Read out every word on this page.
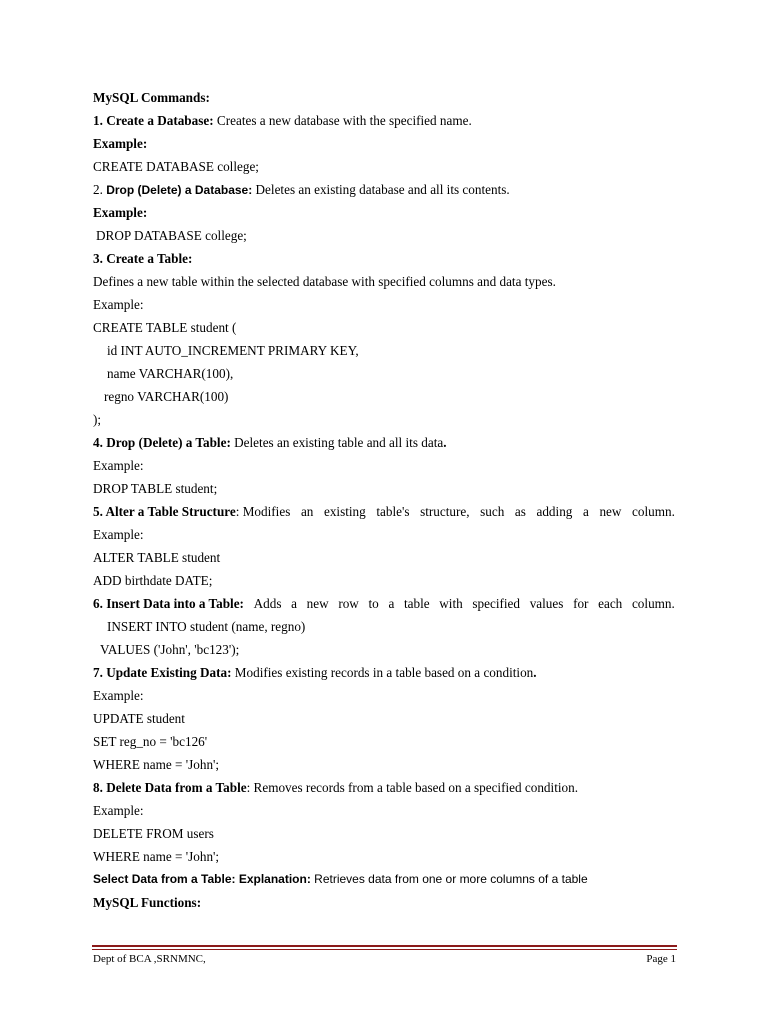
MySQL Commands:
1. Create a Database: Creates a new database with the specified name.
Example:
CREATE DATABASE college;
2. Drop (Delete) a Database: Deletes an existing database and all its contents.
Example:
DROP DATABASE college;
3. Create a Table:
Defines a new table within the selected database with specified columns and data types.
Example:
CREATE TABLE student (
id INT AUTO_INCREMENT PRIMARY KEY,
name VARCHAR(100),
regno VARCHAR(100)
);
4. Drop (Delete) a Table: Deletes an existing table and all its data.
Example:
DROP TABLE student;
5. Alter a Table Structure: Modifies an existing table's structure, such as adding a new column.
Example:
ALTER TABLE student
ADD birthdate DATE;
6. Insert Data into a Table: Adds a new row to a table with specified values for each column.
INSERT INTO student (name, regno)
VALUES ('John', 'bc123');
7. Update Existing Data: Modifies existing records in a table based on a condition.
Example:
UPDATE student
SET reg_no = 'bc126'
WHERE name = 'John';
8. Delete Data from a Table: Removes records from a table based on a specified condition.
Example:
DELETE FROM users
WHERE name = 'John';
Select Data from a Table: Explanation: Retrieves data from one or more columns of a table
MySQL Functions:
Dept of BCA ,SRNMNC,	Page 1
